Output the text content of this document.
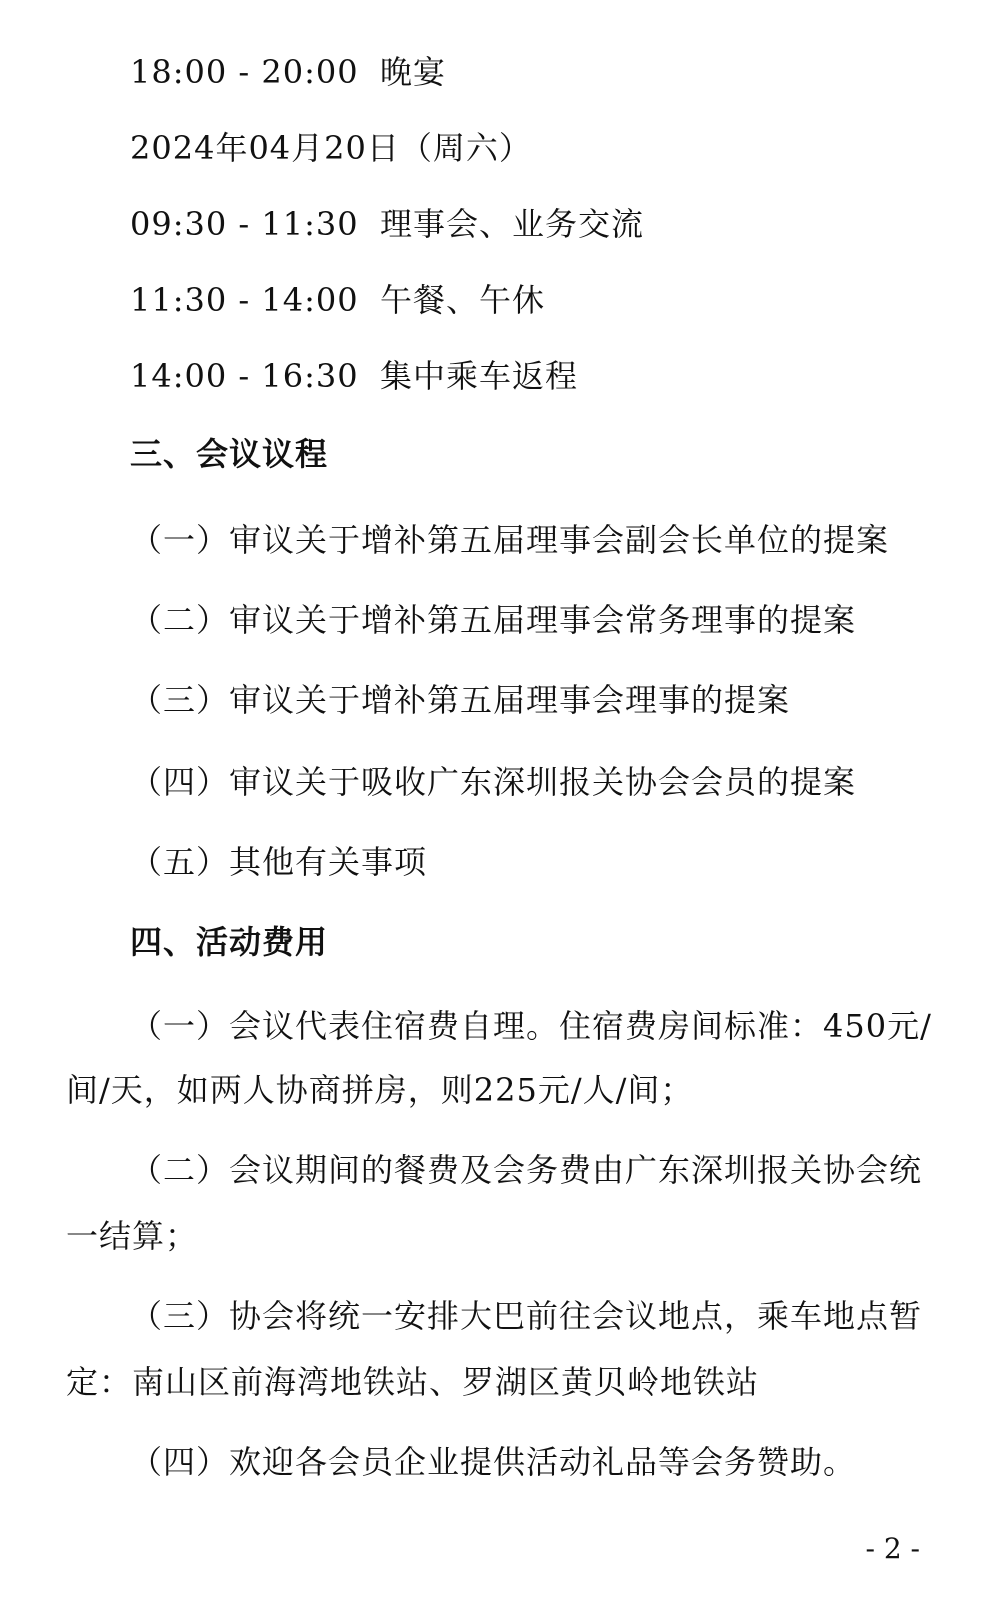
18:00 - 20:00 晚宴
2024年04月20日（周六）
09:30 - 11:30 理事会、业务交流
11:30 - 14:00 午餐、午休
14:00 - 16:30 集中乘车返程
三、会议议程
（一）审议关于增补第五届理事会副会长单位的提案
（二）审议关于增补第五届理事会常务理事的提案
（三）审议关于增补第五届理事会理事的提案
（四）审议关于吸收广东深圳报关协会会员的提案
（五）其他有关事项
四、活动费用
（一）会议代表住宿费自理。住宿费房间标准：450元/
间/天，如两人协商拼房，则225元/人/间；
（二）会议期间的餐费及会务费由广东深圳报关协会统
一结算；
（三）协会将统一安排大巴前往会议地点，乘车地点暂
定：南山区前海湾地铁站、罗湖区黄贝岭地铁站
（四）欢迎各会员企业提供活动礼品等会务赞助。
- 2 -
